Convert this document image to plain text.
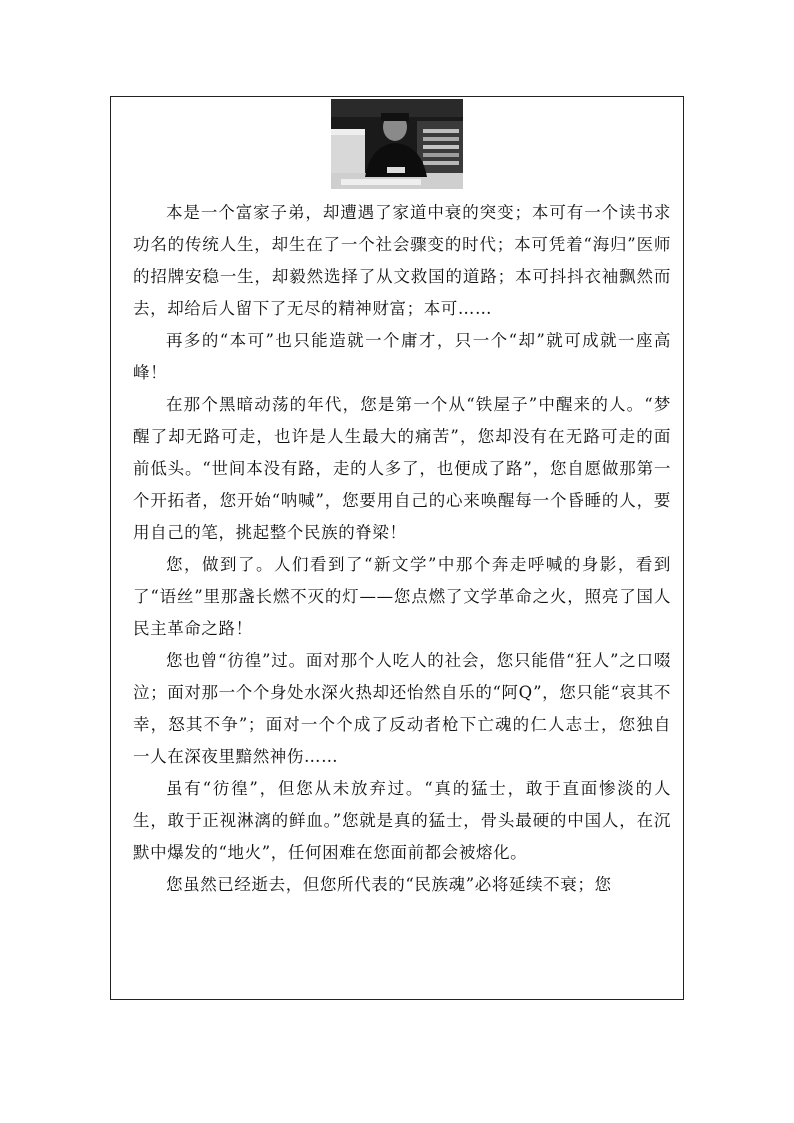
本是一个富家子弟，却遭遇了家道中衰的突变；本可有一个读书求功名的传统人生，却生在了一个社会骤变的时代；本可凭着“海归”医师的招牌安稳一生，却毅然选择了从文救国的道路；本可抖抖衣袖飘然而去，却给后人留下了无尽的精神财富；本可……

再多的“本可”也只能造就一个庸才，只一个“却”就可成就一座高峰！

在那个黑暗动荡的年代，您是第一个从“铁屋子”中醒来的人。“梦醒了却无路可走，也许是人生最大的痛苦”，您却没有在无路可走的面前低头。“世间本没有路，走的人多了，也便成了路”，您自愿做那第一个开拓者，您开始“呐喊”，您要用自己的心来唤醒每一个昏睡的人，要用自己的笔，挑起整个民族的脊梁！

您，做到了。人们看到了“新文学”中那个奔走呼喊的身影，看到了“语丝”里那盏长燃不灭的灯——您点燃了文学革命之火，照亮了国人民主革命之路！

您也曾“彷徨”过。面对那个人吃人的社会，您只能借“狂人”之口啜泣；面对那一个个身处水深火热却还怡然自乐的“阿Q”，您只能“哀其不幸，怒其不争”；面对一个个成了反动者枪下亡魂的仁人志士，您独自一人在深夜里黯然神伤……

虽有“彷徨”，但您从未放弃过。“真的猛士，敢于直面惨淡的人生，敢于正视淋漓的鲜血。”您就是真的猛士，骨头最硬的中国人，在沉默中爆发的“地火”，任何困难在您面前都会被熔化。

您虽然已经逝去，但您所代表的“民族魂”必将延续不衰；您
